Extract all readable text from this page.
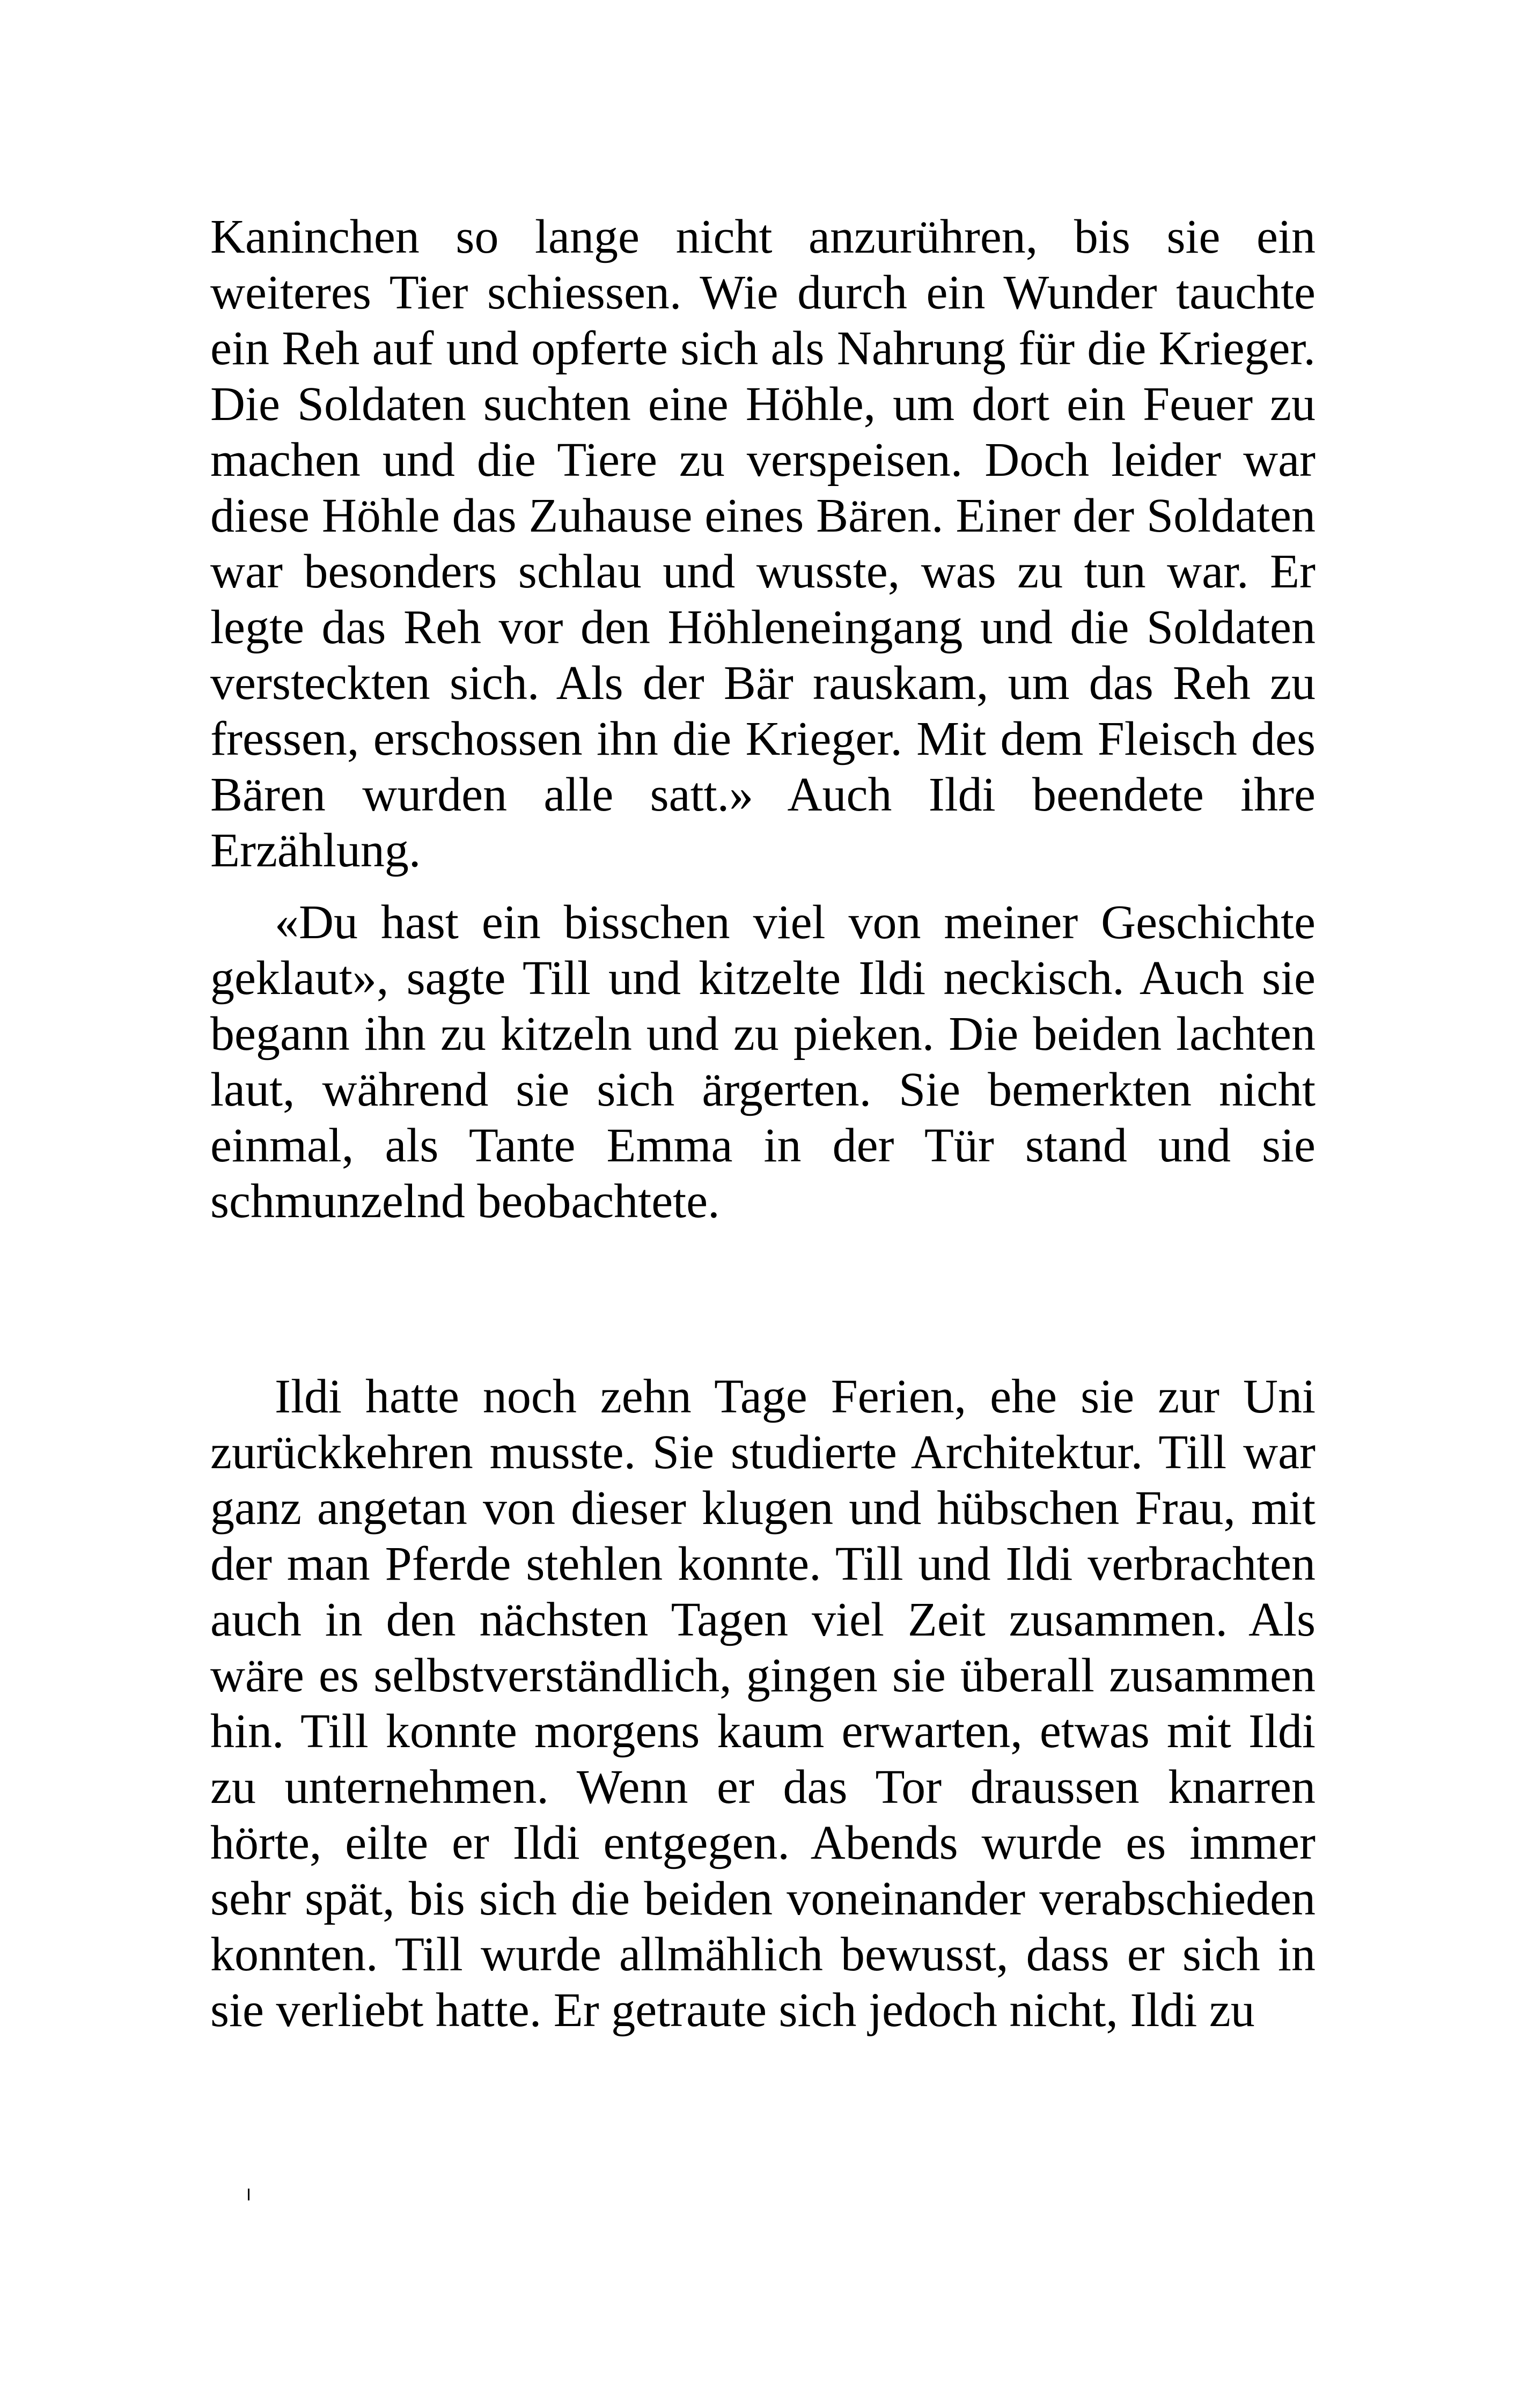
Kaninchen so lange nicht anzurühren, bis sie ein weiteres Tier schiessen. Wie durch ein Wunder tauchte ein Reh auf und opferte sich als Nahrung für die Krieger. Die Soldaten suchten eine Höhle, um dort ein Feuer zu machen und die Tiere zu verspeisen. Doch leider war diese Höhle das Zuhause eines Bären. Einer der Soldaten war besonders schlau und wusste, was zu tun war. Er legte das Reh vor den Höhleneingang und die Soldaten versteckten sich. Als der Bär rauskam, um das Reh zu fressen, erschossen ihn die Krieger. Mit dem Fleisch des Bären wurden alle satt.» Auch Ildi beendete ihre Erzählung.

«Du hast ein bisschen viel von meiner Geschichte geklaut», sagte Till und kitzelte Ildi neckisch. Auch sie begann ihn zu kitzeln und zu pieken. Die beiden lachten laut, während sie sich ärgerten. Sie bemerkten nicht einmal, als Tante Emma in der Tür stand und sie schmunzelnd beobachtete.

Ildi hatte noch zehn Tage Ferien, ehe sie zur Uni zurückkehren musste. Sie studierte Architektur. Till war ganz angetan von dieser klugen und hübschen Frau, mit der man Pferde stehlen konnte. Till und Ildi verbrachten auch in den nächsten Tagen viel Zeit zusammen. Als wäre es selbstverständlich, gingen sie überall zusammen hin. Till konnte morgens kaum erwarten, etwas mit Ildi zu unternehmen. Wenn er das Tor draussen knarren hörte, eilte er Ildi entgegen. Abends wurde es immer sehr spät, bis sich die beiden voneinander verabschieden konnten. Till wurde allmählich bewusst, dass er sich in sie verliebt hatte. Er getraute sich jedoch nicht, Ildi zu
